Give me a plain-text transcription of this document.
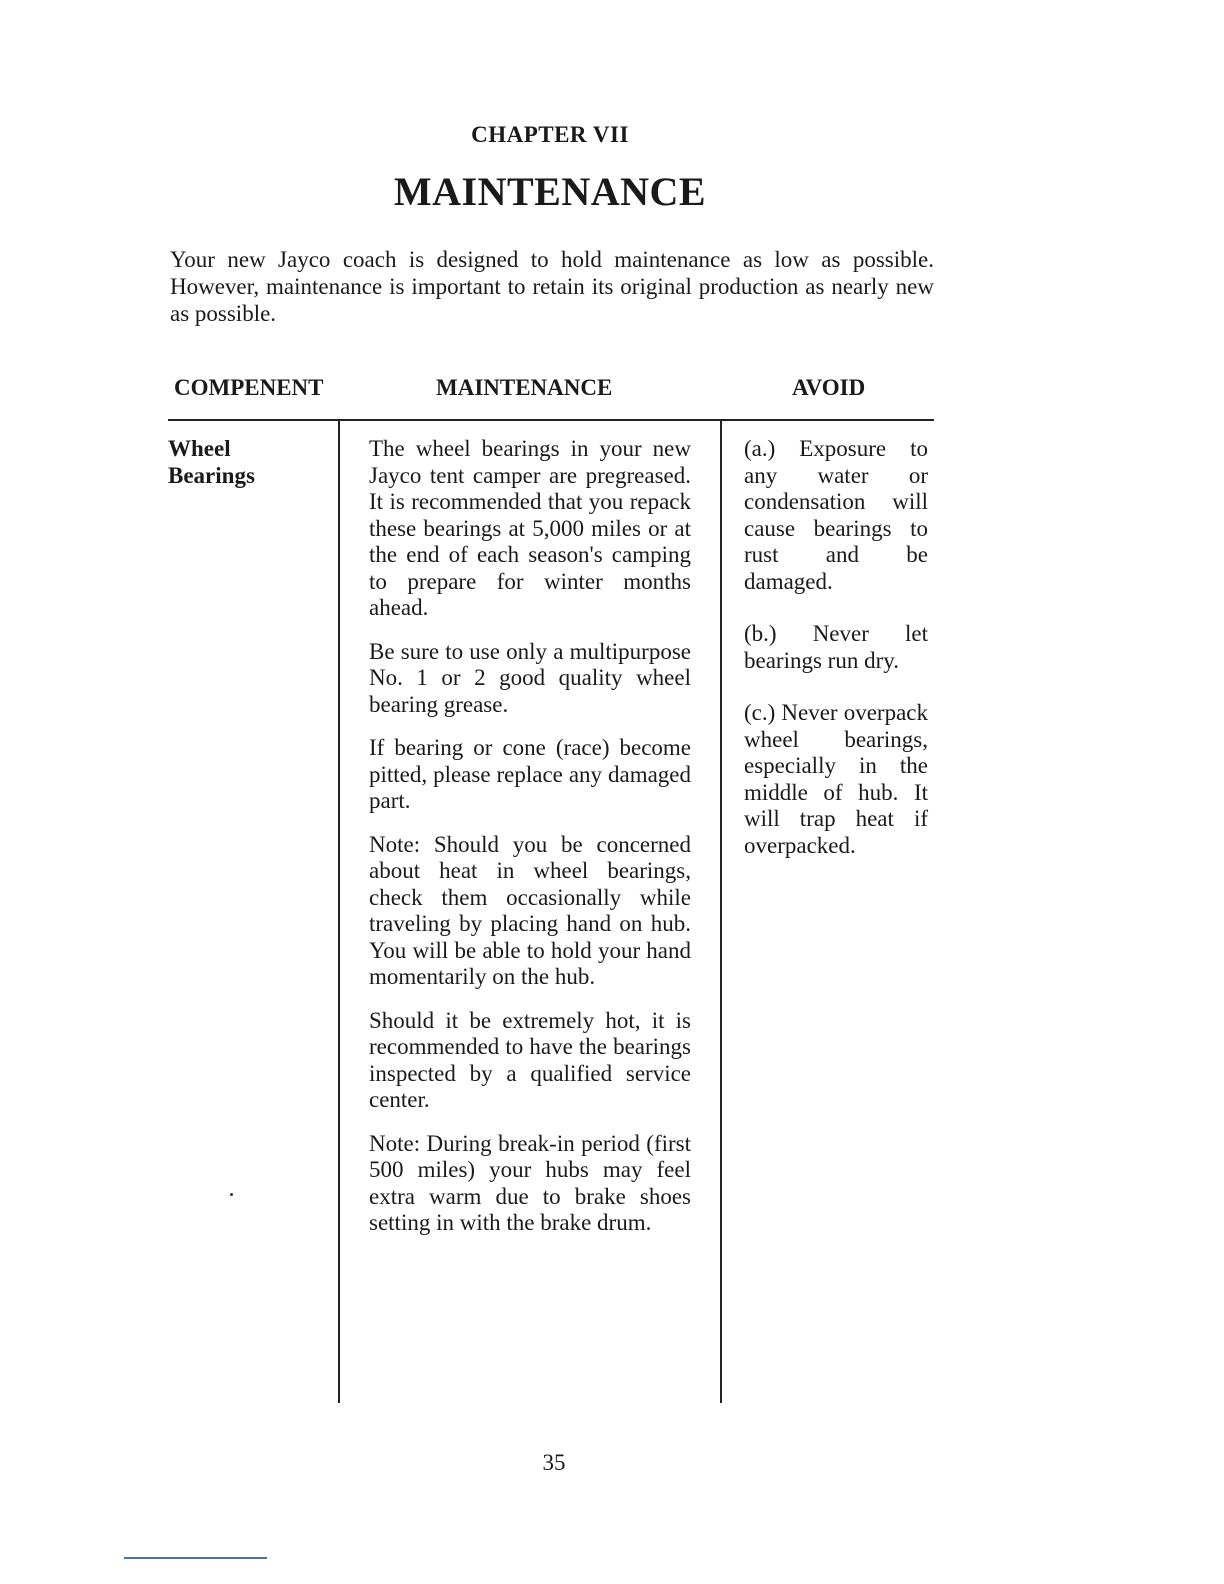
CHAPTER VII
MAINTENANCE

Your new Jayco coach is designed to hold maintenance as low as possible. However, maintenance is important to retain its original production as nearly new as possible.

COMPENENT	MAINTENANCE	AVOID
Wheel
Bearings

The wheel bearings in your new Jayco tent camper are pregreased. It is recommended that you repack these bearings at 5,000 miles or at the end of each season's camping to prepare for winter months ahead.

Be sure to use only a multipurpose No. 1 or 2 good quality wheel bearing grease.

If bearing or cone (race) become pitted, please replace any damaged part.

Note: Should you be concerned about heat in wheel bearings, check them occasionally while traveling by placing hand on hub. You will be able to hold your hand momentarily on the hub.

Should it be extremely hot, it is recommended to have the bearings inspected by a qualified service center.

Note: During break-in period (first 500 miles) your hubs may feel extra warm due to brake shoes setting in with the brake drum.

(a.) Exposure to any water or condensation will cause bearings to rust and be damaged.

(b.) Never let bearings run dry.

(c.) Never overpack wheel bearings, especially in the middle of hub. It will trap heat if overpacked.

35
